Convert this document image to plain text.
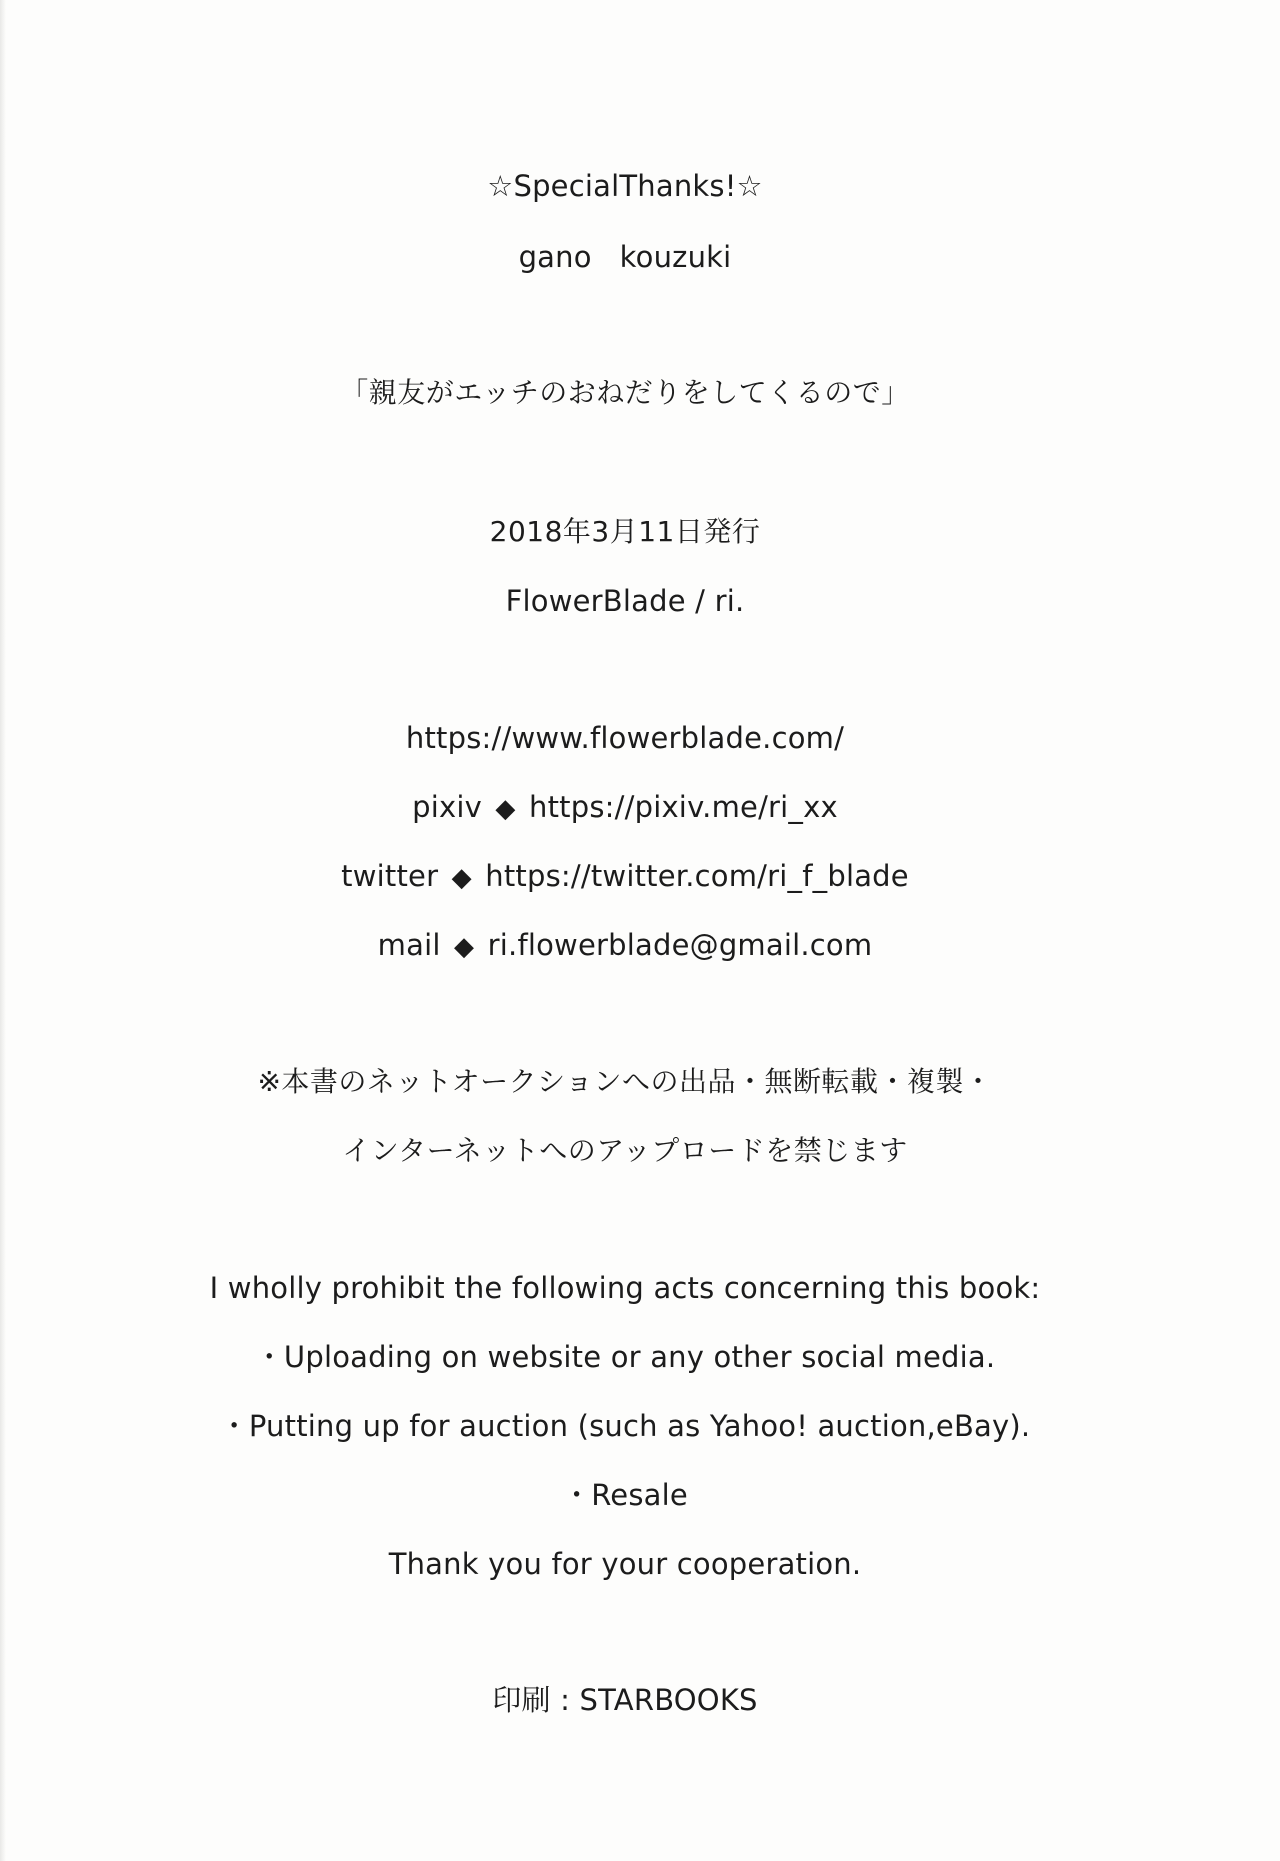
☆SpecialThanks!☆
gano kouzuki
「親友がエッチのおねだりをしてくるので」
2018年3月11日発行
FlowerBlade / ri.
https://www.flowerblade.com/
pixiv ◆ https://pixiv.me/ri_xx
twitter ◆ https://twitter.com/ri_f_blade
mail ◆ ri.flowerblade@gmail.com
※本書のネットオークションへの出品・無断転載・複製・
インターネットへのアップロードを禁じます
I wholly prohibit the following acts concerning this book:
・Uploading on website or any other social media.
・Putting up for auction (such as Yahoo! auction,eBay).
・Resale
Thank you for your cooperation.
印刷 : STARBOOKS
